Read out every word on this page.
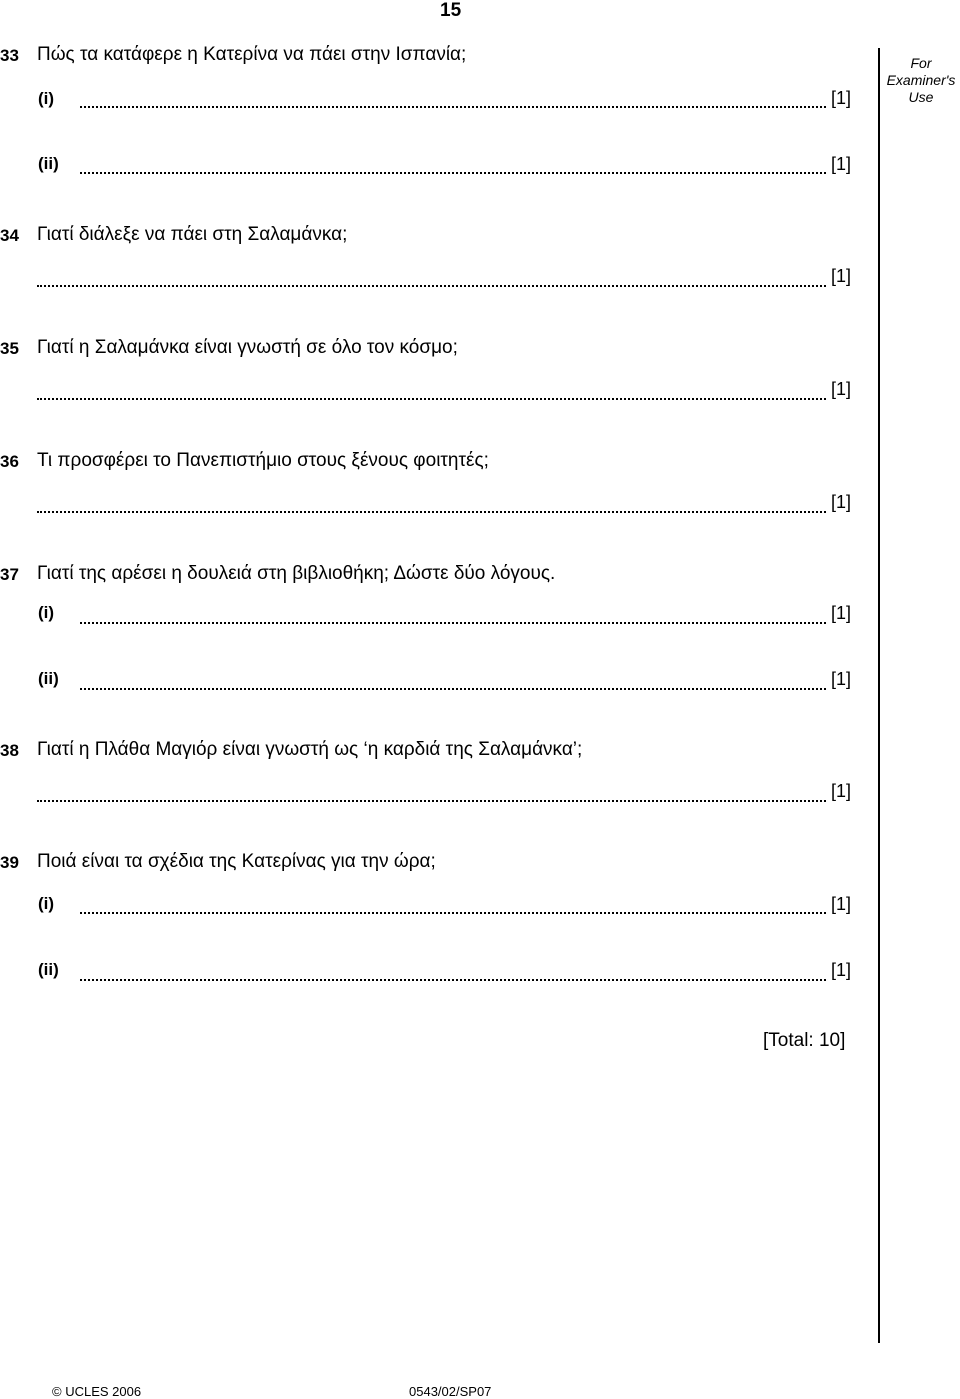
15
For
Examiner's
Use
33 Πώς τα κατάφερε η Κατερίνα να πάει στην Ισπανία;
(i)	[1]
(ii)	[1]
34 Γιατί διάλεξε να πάει στη Σαλαμάνκα;
[1]
35 Γιατί η Σαλαμάνκα είναι γνωστή σε όλο τον κόσμο;
[1]
36 Τι προσφέρει το Πανεπιστήμιο στους ξένους φοιτητές;
[1]
37 Γιατί της αρέσει η δουλειά στη βιβλιοθήκη; Δώστε δύο λόγους.
(i)	[1]
(ii)	[1]
38 Γιατί η Πλάθα Μαγιόρ είναι γνωστή ως ‘η καρδιά της Σαλαμάνκα’;
[1]
39 Ποιά είναι τα σχέδια της Κατερίνας για την ώρα;
(i)	[1]
(ii)	[1]
[Total: 10]
© UCLES 2006	0543/02/SP07
